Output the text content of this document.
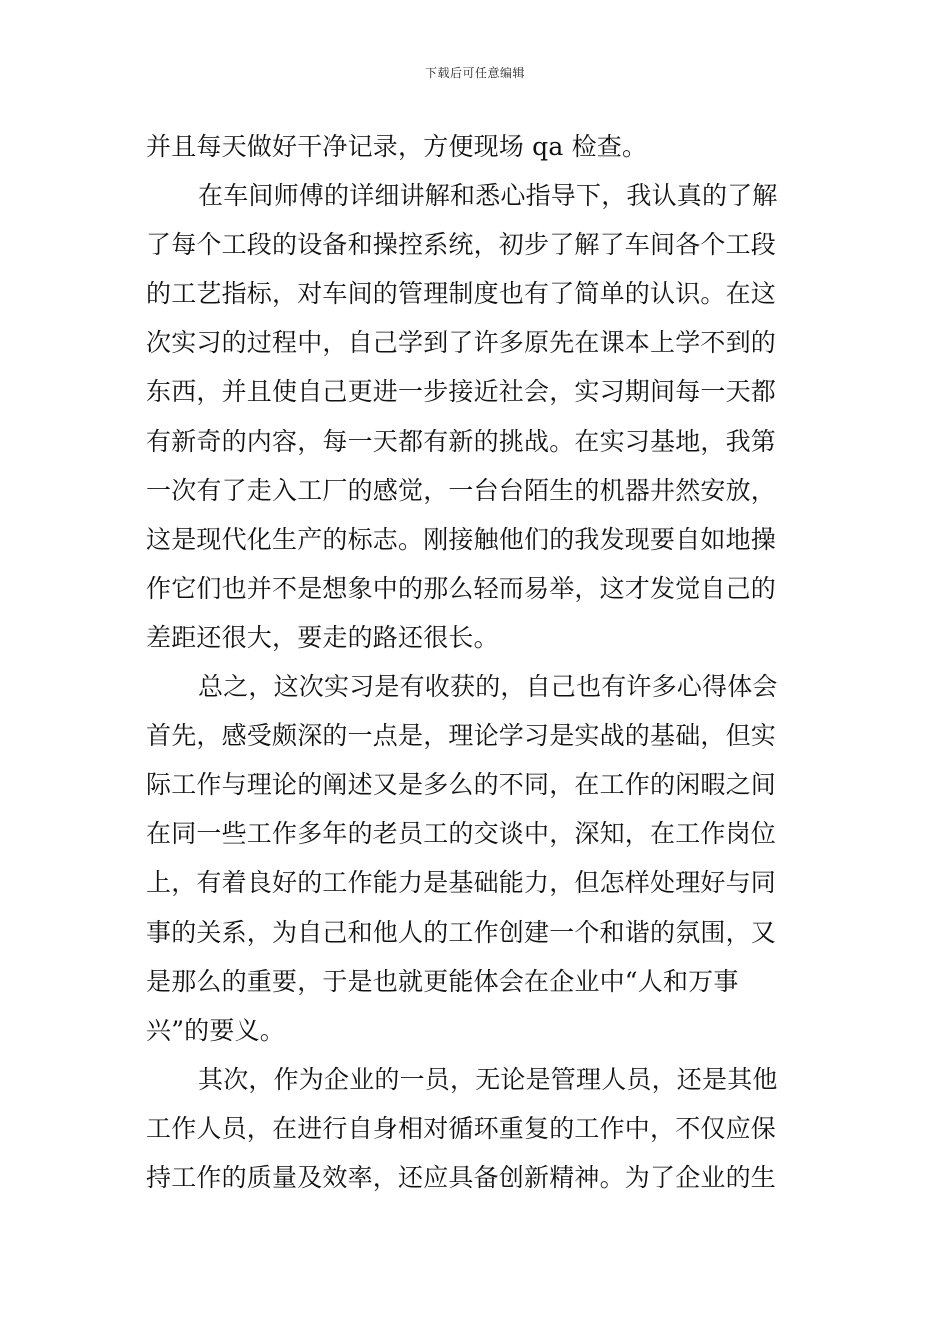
下载后可任意编辑
并且每天做好干净记录，方便现场 qa 检查。
在车间师傅的详细讲解和悉心指导下，我认真的了解
了每个工段的设备和操控系统，初步了解了车间各个工段
的工艺指标，对车间的管理制度也有了简单的认识。在这
次实习的过程中，自己学到了许多原先在课本上学不到的
东西，并且使自己更进一步接近社会，实习期间每一天都
有新奇的内容，每一天都有新的挑战。在实习基地，我第
一次有了走入工厂的感觉，一台台陌生的机器井然安放，
这是现代化生产的标志。刚接触他们的我发现要自如地操
作它们也并不是想象中的那么轻而易举，这才发觉自己的
差距还很大，要走的路还很长。
总之，这次实习是有收获的，自己也有许多心得体会
首先，感受颇深的一点是，理论学习是实战的基础，但实
际工作与理论的阐述又是多么的不同，在工作的闲暇之间
在同一些工作多年的老员工的交谈中，深知，在工作岗位
上，有着良好的工作能力是基础能力，但怎样处理好与同
事的关系，为自己和他人的工作创建一个和谐的氛围，又
是那么的重要，于是也就更能体会在企业中“人和万事
兴”的要义。
其次，作为企业的一员，无论是管理人员，还是其他
工作人员，在进行自身相对循环重复的工作中，不仅应保
持工作的质量及效率，还应具备创新精神。为了企业的生
